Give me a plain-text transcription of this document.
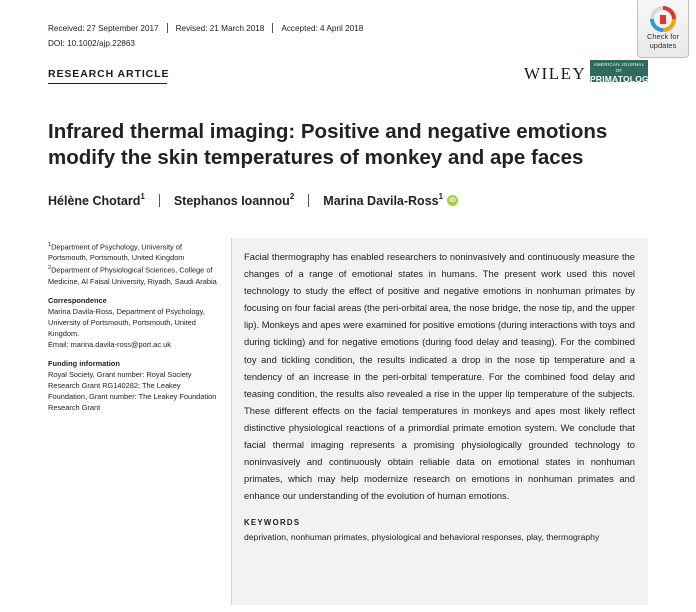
Received: 27 September 2017 Revised: 21 March 2018 Accepted: 4 April 2018
DOI: 10.1002/ajp.22863
Check for
updates
RESEARCH ARTICLE	WILEY	AMERICAN JOURNAL OF
PRIMATOLOGY
Infrared thermal imaging: Positive and negative emotions modify the skin temperatures of monkey and ape faces
Hélène Chotard$^1$ Stephanos Ioannou$^2$ Marina Davila-Ross$^1$ iD

$^1$Department of Psychology, University of Portsmouth, Portsmouth, United Kingdom

$^2$Department of Physiological Sciences, College of Medicine, Al Faisal University, Riyadh, Saudi Arabia

Correspondence

Marina Davila-Ross, Department of Psychology, University of Portsmouth, Portsmouth, United Kingdom.

Email: marina.davila-ross@port.ac.uk

Funding information

Royal Society, Grant number: Royal Society Research Grant RG140282; The Leakey Foundation, Grant number: The Leakey Foundation Research Grant

Facial thermography has enabled researchers to noninvasively and continuously measure the changes of a range of emotional states in humans. The present work used this novel technology to study the effect of positive and negative emotions in nonhuman primates by focusing on four facial areas (the peri-orbital area, the nose bridge, the nose tip, and the upper lip). Monkeys and apes were examined for positive emotions (during interactions with toys and during tickling) and for negative emotions (during food delay and teasing). For the combined toy and tickling condition, the results indicated a drop in the nose tip temperature and a tendency of an increase in the peri-orbital temperature. For the combined food delay and teasing condition, the results also revealed a rise in the upper lip temperature of the subjects. These different effects on the facial temperatures in monkeys and apes most likely reflect distinctive physiological reactions of a primordial primate emotion system. We conclude that facial thermal imaging represents a promising physiologically grounded technology to noninvasively and continuously obtain reliable data on emotional states in nonhuman primates, which may help modernize research on emotions in nonhuman primates and enhance our understanding of the evolution of human emotions.

KEYWORDS
deprivation, nonhuman primates, physiological and behavioral responses, play, thermography
